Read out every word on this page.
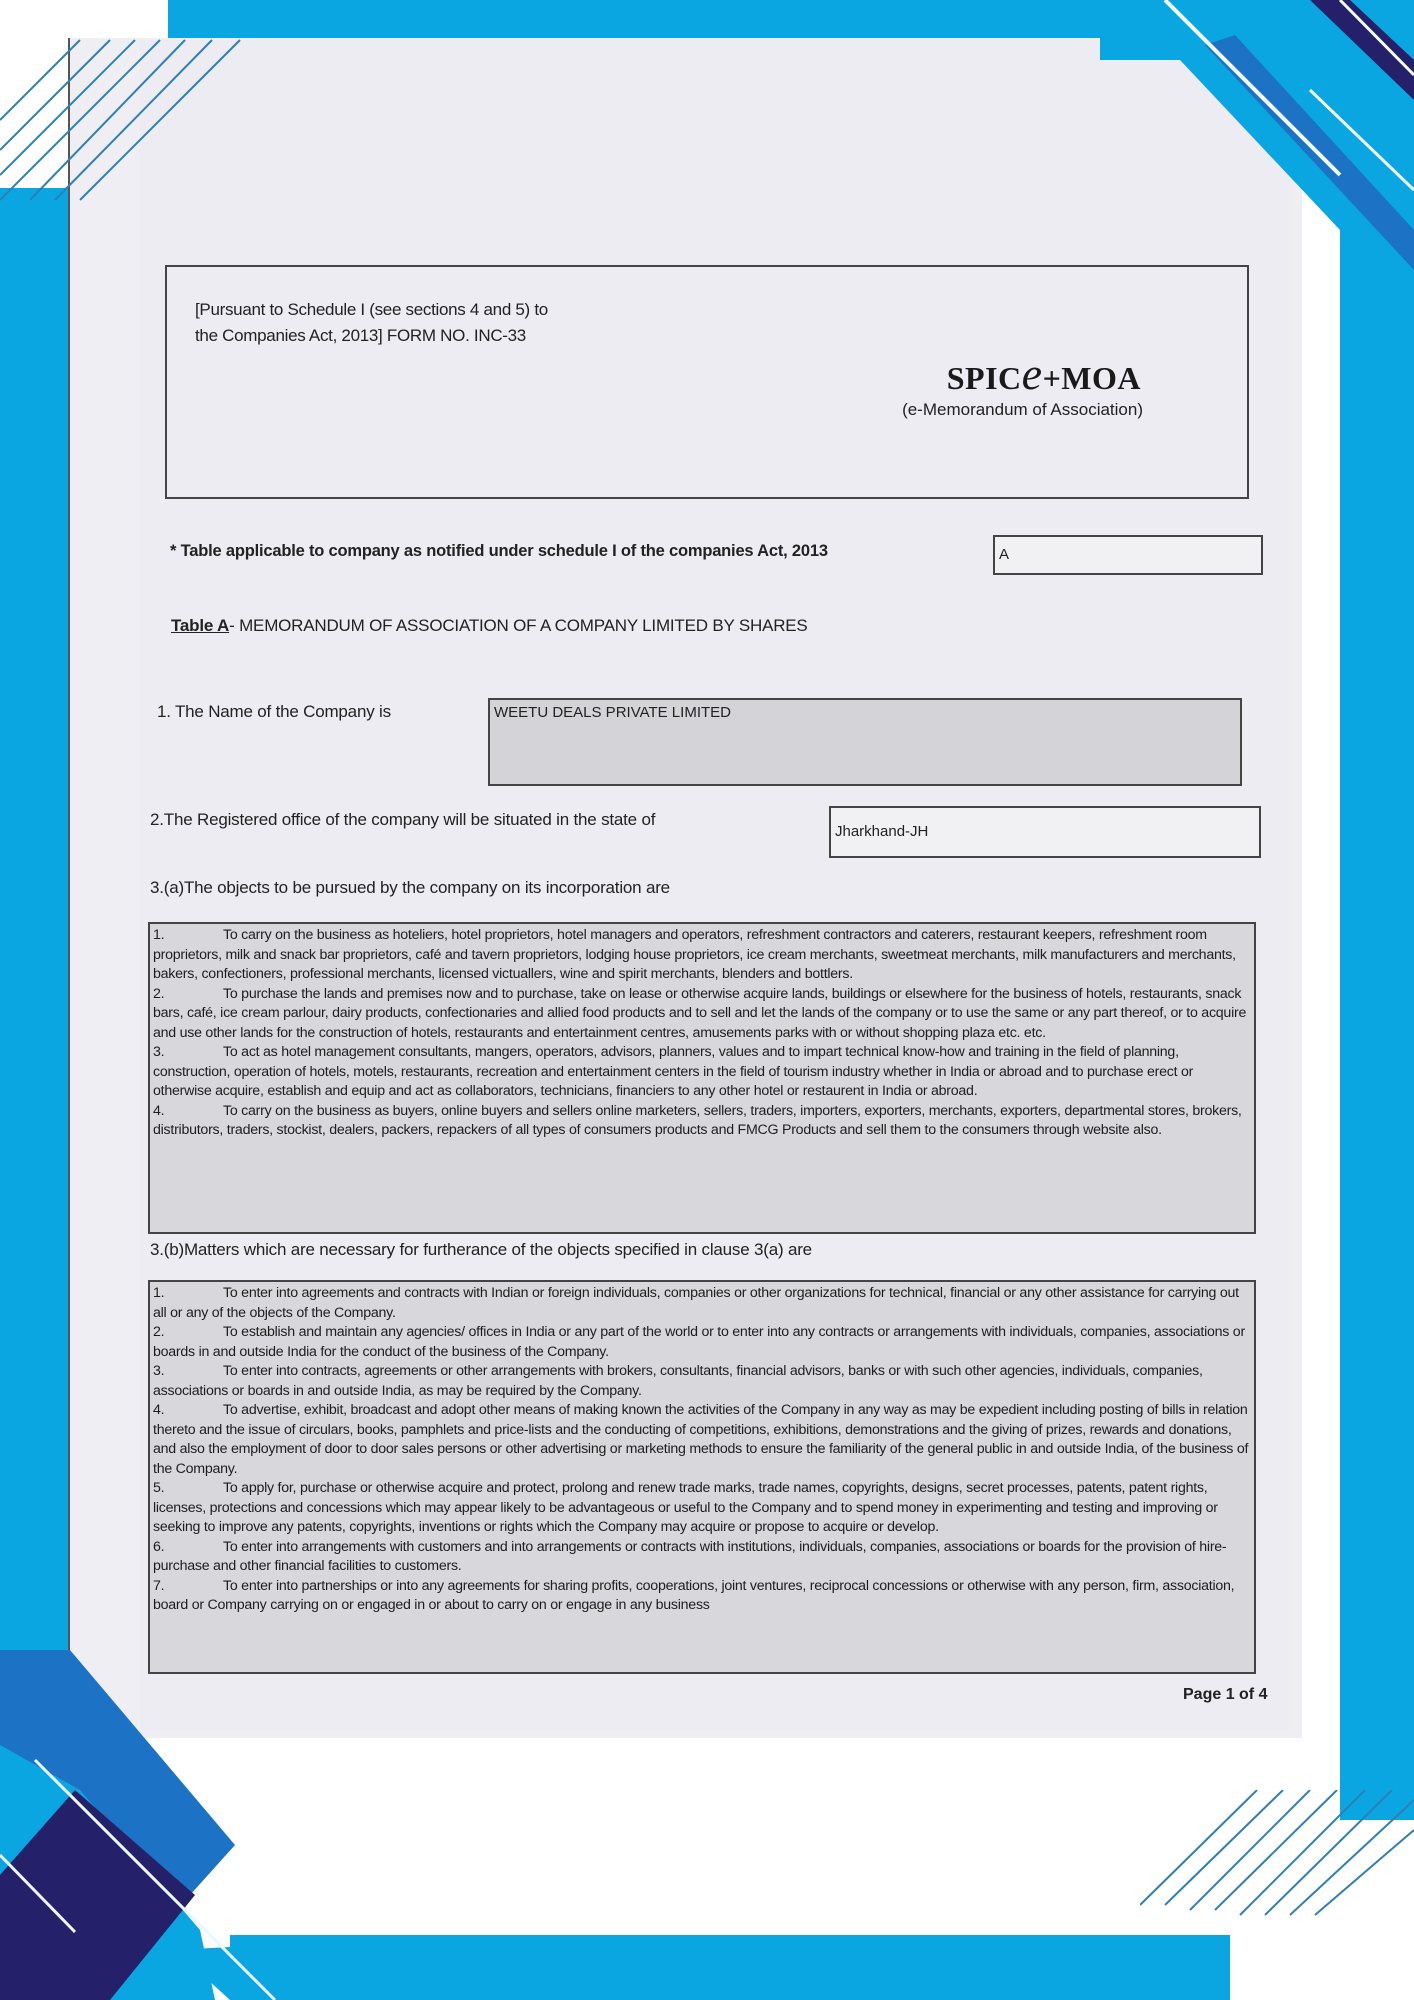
[Pursuant to Schedule I (see sections 4 and 5) to
the Companies Act, 2013] FORM NO. INC-33
SPICe+MOA
(e-Memorandum of Association)
* Table applicable to company as notified under schedule I of the companies Act, 2013	A
Table A- MEMORANDUM OF ASSOCIATION OF A COMPANY LIMITED BY SHARES
1. The Name of the Company is	WEETU DEALS PRIVATE LIMITED
2.The Registered office of the company will be situated in the state of
Jharkhand-JH
3.(a)The objects to be pursued by the company on its incorporation are

1.	To carry on the business as hoteliers, hotel proprietors, hotel managers and operators, refreshment contractors and caterers, restaurant keepers, refreshment room proprietors, milk and snack bar proprietors, café and tavern proprietors, lodging house proprietors, ice cream merchants, sweetmeat merchants, milk manufacturers and merchants, bakers, confectioners, professional merchants, licensed victuallers, wine and spirit merchants, blenders and bottlers.

2.	To purchase the lands and premises now and to purchase, take on lease or otherwise acquire lands, buildings or elsewhere for the business of hotels, restaurants, snack bars, café, ice cream parlour, dairy products, confectionaries and allied food products and to sell and let the lands of the company or to use the same or any part thereof, or to acquire and use other lands for the construction of hotels, restaurants and entertainment centres, amusements parks with or without shopping plaza etc. etc.

3.	To act as hotel management consultants, mangers, operators, advisors, planners, values and to impart technical know-how and training in the field of planning, construction, operation of hotels, motels, restaurants, recreation and entertainment centers in the field of tourism industry whether in India or abroad and to purchase erect or otherwise acquire, establish and equip and act as collaborators, technicians, financiers to any other hotel or restaurent in India or abroad.

4.	To carry on the business as buyers, online buyers and sellers online marketers, sellers, traders, importers, exporters, merchants, exporters, departmental stores, brokers, distributors, traders, stockist, dealers, packers, repackers of all types of consumers products and FMCG Products and sell them to the consumers through website also.

3.(b)Matters which are necessary for furtherance of the objects specified in clause 3(a) are

1.	To enter into agreements and contracts with Indian or foreign individuals, companies or other organizations for technical, financial or any other assistance for carrying out all or any of the objects of the Company.

2.	To establish and maintain any agencies/ offices in India or any part of the world or to enter into any contracts or arrangements with individuals, companies, associations or boards in and outside India for the conduct of the business of the Company.

3.	To enter into contracts, agreements or other arrangements with brokers, consultants, financial advisors, banks or with such other agencies, individuals, companies, associations or boards in and outside India, as may be required by the Company.

4.	To advertise, exhibit, broadcast and adopt other means of making known the activities of the Company in any way as may be expedient including posting of bills in relation thereto and the issue of circulars, books, pamphlets and price-lists and the conducting of competitions, exhibitions, demonstrations and the giving of prizes, rewards and donations, and also the employment of door to door sales persons or other advertising or marketing methods to ensure the familiarity of the general public in and outside India, of the business of the Company.

5.	To apply for, purchase or otherwise acquire and protect, prolong and renew trade marks, trade names, copyrights, designs, secret processes, patents, patent rights, licenses, protections and concessions which may appear likely to be advantageous or useful to the Company and to spend money in experimenting and testing and improving or seeking to improve any patents, copyrights, inventions or rights which the Company may acquire or propose to acquire or develop.

6.	To enter into arrangements with customers and into arrangements or contracts with institutions, individuals, companies, associations or boards for the provision of hire-purchase and other financial facilities to customers.

7.	To enter into partnerships or into any agreements for sharing profits, cooperations, joint ventures, reciprocal concessions or otherwise with any person, firm, association, board or Company carrying on or engaged in or about to carry on or engage in any business

Page 1 of 4
